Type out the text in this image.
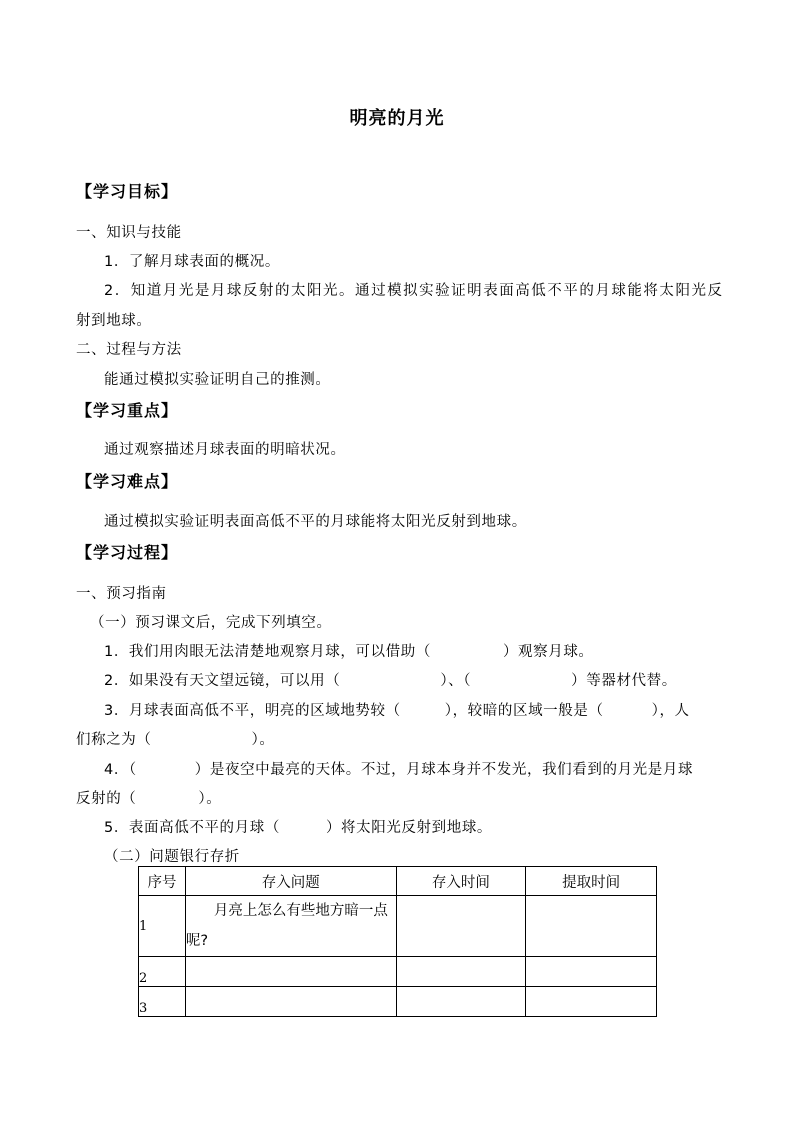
明亮的月光
【学习目标】
一、知识与技能
1．了解月球表面的概况。
2．知道月光是月球反射的太阳光。通过模拟实验证明表面高低不平的月球能将太阳光反
射到地球。
二、过程与方法
能通过模拟实验证明自己的推测。
【学习重点】
通过观察描述月球表面的明暗状况。
【学习难点】
通过模拟实验证明表面高低不平的月球能将太阳光反射到地球。
【学习过程】
一、预习指南
（一）预习课文后，完成下列填空。
1．我们用肉眼无法清楚地观察月球，可以借助（	）观察月球。
2．如果没有天文望远镜，可以用（	）、（	）等器材代替。
3．月球表面高低不平，明亮的区域地势较（	），较暗的区域一般是（	），人
们称之为（	）。
4．（	）是夜空中最亮的天体。不过，月球本身并不发光，我们看到的月光是月球
反射的（	）。
5．表面高低不平的月球（	）将太阳光反射到地球。
（二）问题银行存折
序号	存入问题	存入时间	提取时间
1	月亮上怎么有些地方暗一点呢?		
2			
3			
